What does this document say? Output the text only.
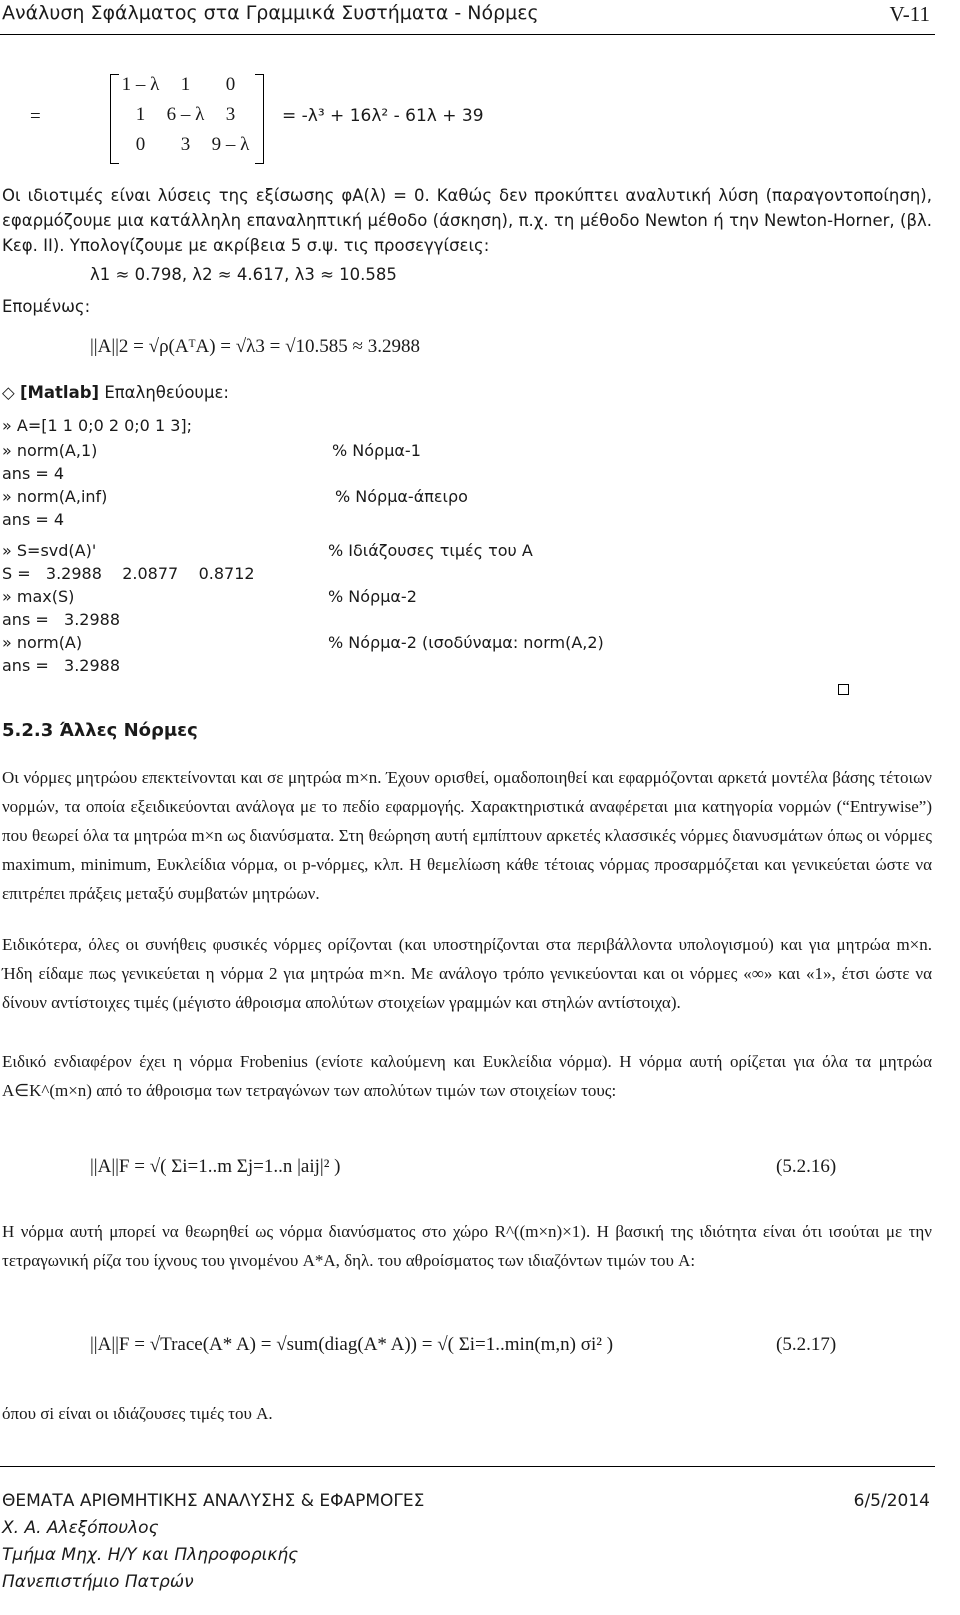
Ανάλυση Σφάλματος στα Γραμμικά Συστήματα - Νόρμες	V-11
=
1 – λ	1	0
1	6 – λ	3
0	3	9 – λ
= -λ³ + 16λ² - 61λ + 39
Οι ιδιοτιμές είναι λύσεις της εξίσωσης φA(λ) = 0. Καθώς δεν προκύπτει αναλυτική λύση (παραγοντοποίηση), εφαρμόζουμε μια κατάλληλη επαναληπτική μέθοδο (άσκηση), π.χ. τη μέθοδο Newton ή την Newton-Horner, (βλ. Κεφ. ΙΙ). Υπολογίζουμε με ακρίβεια 5 σ.ψ. τις προσεγγίσεις:
λ1 ≈ 0.798, λ2 ≈ 4.617, λ3 ≈ 10.585
Επομένως:
||A||2 = √ρ(AᵀA) = √λ3 = √10.585 ≈ 3.2988
◇ [Matlab] Επαληθεύουμε:
» A=[1 1 0;0 2 0;0 1 3];
» norm(A,1)	% Νόρμα-1
ans = 4
» norm(A,inf)	% Νόρμα-άπειρο
ans = 4
» S=svd(A)'	% Ιδιάζουσες τιμές του A
S =   3.2988    2.0877    0.8712
» max(S)	% Νόρμα-2
ans =   3.2988
» norm(A)	% Νόρμα-2 (ισοδύναμα: norm(A,2)
ans =   3.2988
5.2.3 Άλλες Νόρμες
Οι νόρμες μητρώου επεκτείνονται και σε μητρώα m×n. Έχουν ορισθεί, ομαδοποιηθεί και εφαρμόζονται αρκετά μοντέλα βάσης τέτοιων νορμών, τα οποία εξειδικεύονται ανάλογα με το πεδίο εφαρμογής. Χαρακτηριστικά αναφέρεται μια κατηγορία νορμών (“Entrywise”) που θεωρεί όλα τα μητρώα m×n ως διανύσματα. Στη θεώρηση αυτή εμπίπτουν αρκετές κλασσικές νόρμες διανυσμάτων όπως οι νόρμες maximum, minimum, Ευκλείδια νόρμα, οι p-νόρμες, κλπ. Η θεμελίωση κάθε τέτοιας νόρμας προσαρμόζεται και γενικεύεται ώστε να επιτρέπει πράξεις μεταξύ συμβατών μητρώων.
Ειδικότερα, όλες οι συνήθεις φυσικές νόρμες ορίζονται (και υποστηρίζονται στα περιβάλλοντα υπολογισμού) και για μητρώα m×n. Ήδη είδαμε πως γενικεύεται η νόρμα 2 για μητρώα m×n. Με ανάλογο τρόπο γενικεύονται και οι νόρμες «∞» και «1», έτσι ώστε να δίνουν αντίστοιχες τιμές (μέγιστο άθροισμα απολύτων στοιχείων γραμμών και στηλών αντίστοιχα).
Ειδικό ενδιαφέρον έχει η νόρμα Frobenius (ενίοτε καλούμενη και Ευκλείδια νόρμα). Η νόρμα αυτή ορίζεται για όλα τα μητρώα A∈K^(m×n) από το άθροισμα των τετραγώνων των απολύτων τιμών των στοιχείων τους:
||A||F = √( Σi=1..m Σj=1..n |aij|² )	(5.2.16)
Η νόρμα αυτή μπορεί να θεωρηθεί ως νόρμα διανύσματος στο χώρο R^((m×n)×1). Η βασική της ιδιότητα είναι ότι ισούται με την τετραγωνική ρίζα του ίχνους του γινομένου A*A, δηλ. του αθροίσματος των ιδιαζόντων τιμών του A:
||A||F = √Trace(A* A) = √sum(diag(A* A)) = √( Σi=1..min(m,n) σi² )	(5.2.17)
όπου σi είναι οι ιδιάζουσες τιμές του A.
ΘΕΜΑΤΑ ΑΡΙΘΜΗΤΙΚΗΣ ΑΝΑΛΥΣΗΣ & ΕΦΑΡΜΟΓΕΣ	6/5/2014
Χ. Α. Αλεξόπουλος
Τμήμα Μηχ. Η/Υ και Πληροφορικής
Πανεπιστήμιο Πατρών
